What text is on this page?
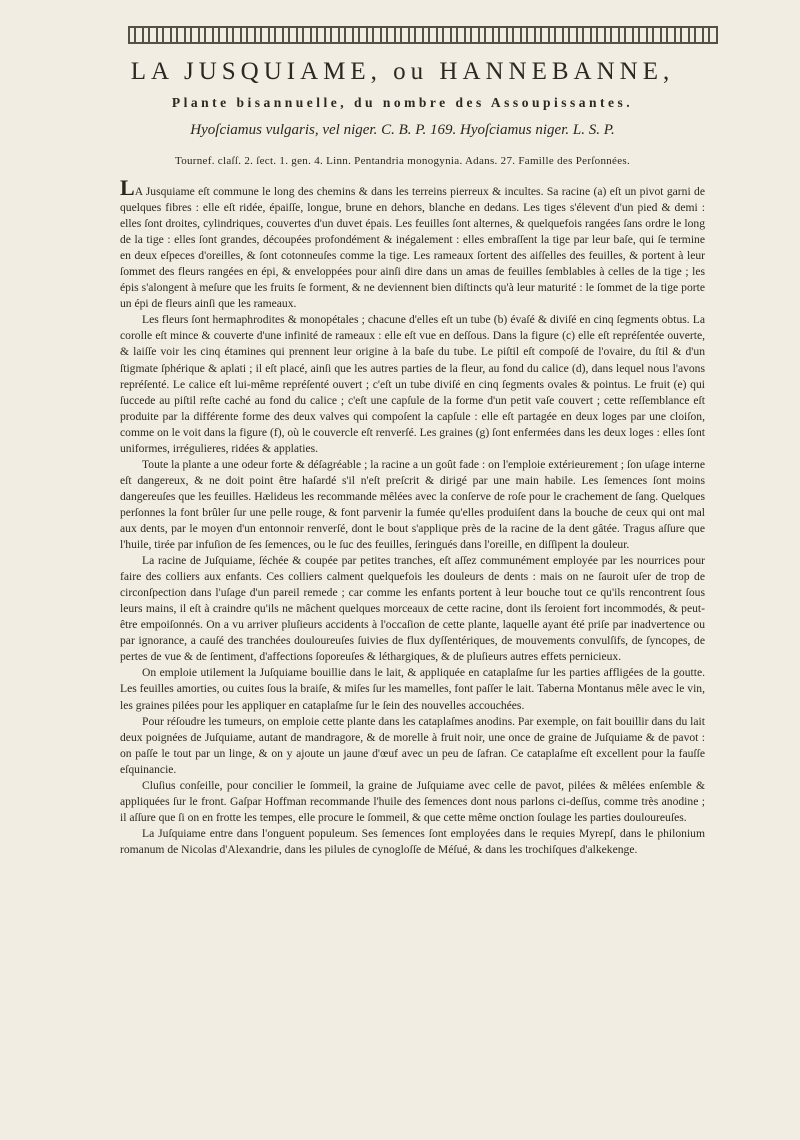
LA JUSQUIAME, ou HANNEBANNE,
Plante bisannuelle, du nombre des Assoupissantes.
Hyoſciamus vulgaris, vel niger. C. B. P. 169. Hyoſciamus niger. L. S. P.
Tournef. claſſ. 2. ſect. 1. gen. 4. Linn. Pentandria monogynia. Adans. 27. Famille des Perſonnées.

LA Jusquiame eſt commune le long des chemins & dans les terreins pierreux & incultes. Sa racine (a) eſt un pivot garni de quelques fibres : elle eſt ridée, épaiſſe, longue, brune en dehors, blanche en dedans. Les tiges s'élevent d'un pied & demi : elles ſont droites, cylindriques, couvertes d'un duvet épais. Les feuilles ſont alternes, & quelquefois rangées ſans ordre le long de la tige : elles ſont grandes, découpées profondément & inégalement : elles embraſſent la tige par leur baſe, qui ſe termine en deux eſpeces d'oreilles, & ſont cotonneuſes comme la tige. Les rameaux ſortent des aiſſelles des feuilles, & portent à leur ſommet des fleurs rangées en épi, & enveloppées pour ainſi dire dans un amas de feuilles ſemblables à celles de la tige ; les épis s'alongent à meſure que les fruits ſe forment, & ne deviennent bien diſtincts qu'à leur maturité : le ſommet de la tige porte un épi de fleurs ainſi que les rameaux.

Les fleurs ſont hermaphrodites & monopétales ; chacune d'elles eſt un tube (b) évaſé & diviſé en cinq ſegments obtus. La corolle eſt mince & couverte d'une infinité de rameaux : elle eſt vue en deſſous. Dans la figure (c) elle eſt repréſentée ouverte, & laiſſe voir les cinq étamines qui prennent leur origine à la baſe du tube. Le piſtil eſt compoſé de l'ovaire, du ſtil & d'un ſtigmate ſphérique & aplati ; il eſt placé, ainſi que les autres parties de la fleur, au fond du calice (d), dans lequel nous l'avons repréſenté. Le calice eſt lui-même repréſenté ouvert ; c'eſt un tube diviſé en cinq ſegments ovales & pointus. Le fruit (e) qui ſuccede au piſtil reſte caché au fond du calice ; c'eſt une capſule de la forme d'un petit vaſe couvert ; cette reſſemblance eſt produite par la différente forme des deux valves qui compoſent la capſule : elle eſt partagée en deux loges par une cloiſon, comme on le voit dans la figure (f), où le couvercle eſt renverſé. Les graines (g) ſont enfermées dans les deux loges : elles ſont uniformes, irrégulieres, ridées & applaties.

Toute la plante a une odeur forte & déſagréable ; la racine a un goût fade : on l'emploie extérieurement ; ſon uſage interne eſt dangereux, & ne doit point être haſardé s'il n'eſt preſcrit & dirigé par une main habile. Les ſemences ſont moins dangereuſes que les feuilles. Hælideus les recommande mêlées avec la conſerve de roſe pour le crachement de ſang. Quelques perſonnes la font brûler ſur une pelle rouge, & font parvenir la fumée qu'elles produiſent dans la bouche de ceux qui ont mal aux dents, par le moyen d'un entonnoir renverſé, dont le bout s'applique près de la racine de la dent gâtée. Tragus aſſure que l'huile, tirée par infuſion de ſes ſemences, ou le ſuc des feuilles, ſeringués dans l'oreille, en diſſipent la douleur.

La racine de Juſquiame, ſéchée & coupée par petites tranches, eſt aſſez communément employée par les nourrices pour faire des colliers aux enfants. Ces colliers calment quelquefois les douleurs de dents : mais on ne ſauroit uſer de trop de circonſpection dans l'uſage d'un pareil remede ; car comme les enfants portent à leur bouche tout ce qu'ils rencontrent ſous leurs mains, il eſt à craindre qu'ils ne mâchent quelques morceaux de cette racine, dont ils ſeroient fort incommodés, & peut-être empoiſonnés. On a vu arriver pluſieurs accidents à l'occaſion de cette plante, laquelle ayant été priſe par inadvertence ou par ignorance, a cauſé des tranchées douloureuſes ſuivies de flux dyſſentériques, de mouvements convulſifs, de ſyncopes, de pertes de vue & de ſentiment, d'affections ſoporeuſes & léthargiques, & de pluſieurs autres effets pernicieux.

On emploie utilement la Juſquiame bouillie dans le lait, & appliquée en cataplaſme ſur les parties affligées de la goutte. Les feuilles amorties, ou cuites ſous la braiſe, & miſes ſur les mamelles, font paſſer le lait. Taberna Montanus mêle avec le vin, les graines pilées pour les appliquer en cataplaſme ſur le ſein des nouvelles accouchées.

Pour réſoudre les tumeurs, on emploie cette plante dans les cataplaſmes anodins. Par exemple, on fait bouillir dans du lait deux poignées de Juſquiame, autant de mandragore, & de morelle à fruit noir, une once de graine de Juſquiame & de pavot : on paſſe le tout par un linge, & on y ajoute un jaune d'œuf avec un peu de ſafran. Ce cataplaſme eſt excellent pour la fauſſe eſquinancie.

Cluſius conſeille, pour concilier le ſommeil, la graine de Juſquiame avec celle de pavot, pilées & mêlées enſemble & appliquées ſur le front. Gaſpar Hoffman recommande l'huile des ſemences dont nous parlons ci-deſſus, comme très anodine ; il aſſure que ſi on en frotte les tempes, elle procure le ſommeil, & que cette même onction ſoulage les parties douloureuſes.

La Juſquiame entre dans l'onguent populeum. Ses ſemences ſont employées dans le requies Myrepſ, dans le philonium romanum de Nicolas d'Alexandrie, dans les pilules de cynogloſſe de Méſué, & dans les trochiſques d'alkekenge.
